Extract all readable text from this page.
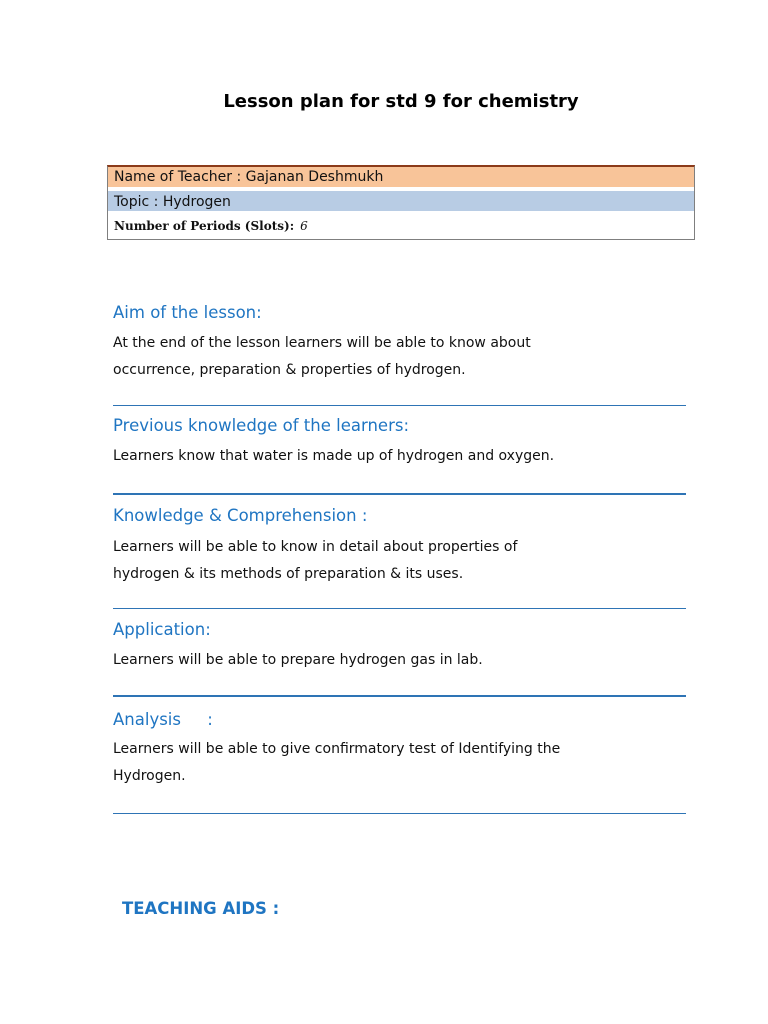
Lesson plan for std 9 for chemistry
Name of Teacher : Gajanan Deshmukh
Topic : Hydrogen
Number of Periods (Slots): 6
Aim of the lesson:
At the end of the lesson learners will be able to know about
occurrence, preparation & properties of hydrogen.
Previous knowledge of the learners:
Learners know that water is made up of hydrogen and oxygen.
Knowledge & Comprehension :
Learners will be able to know in detail about properties of
hydrogen & its methods of preparation & its uses.
Application:
Learners will be able to prepare hydrogen gas in lab.
Analysis     :
Learners will be able to give confirmatory test of Identifying the
Hydrogen.
TEACHING AIDS :
